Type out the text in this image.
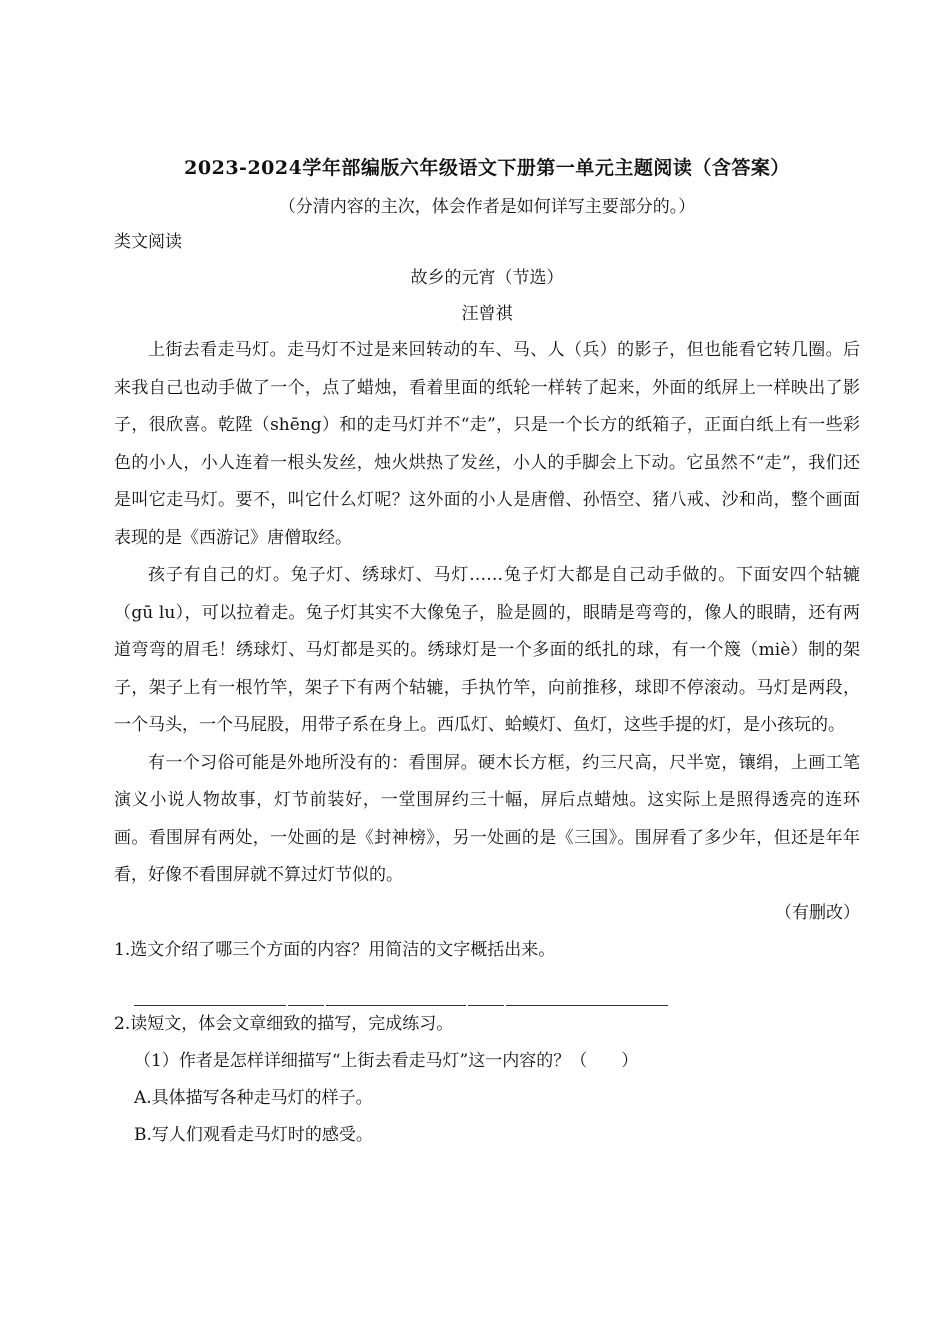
2023-2024学年部编版六年级语文下册第一单元主题阅读（含答案）

（分清内容的主次，体会作者是如何详写主要部分的。）

类文阅读

故乡的元宵（节选）

汪曾祺

上街去看走马灯。走马灯不过是来回转动的车、马、人（兵）的影子，但也能看它转几圈。后来我自己也动手做了一个，点了蜡烛，看着里面的纸轮一样转了起来，外面的纸屏上一样映出了影子，很欣喜。乾陞（shēng）和的走马灯并不“走”，只是一个长方的纸箱子，正面白纸上有一些彩色的小人，小人连着一根头发丝，烛火烘热了发丝，小人的手脚会上下动。它虽然不“走”，我们还是叫它走马灯。要不，叫它什么灯呢？这外面的小人是唐僧、孙悟空、猪八戒、沙和尚，整个画面表现的是《西游记》唐僧取经。

孩子有自己的灯。兔子灯、绣球灯、马灯……兔子灯大都是自己动手做的。下面安四个轱辘（gū lu），可以拉着走。兔子灯其实不大像兔子，脸是圆的，眼睛是弯弯的，像人的眼睛，还有两道弯弯的眉毛！绣球灯、马灯都是买的。绣球灯是一个多面的纸扎的球，有一个篾（miè）制的架子，架子上有一根竹竿，架子下有两个轱辘，手执竹竿，向前推移，球即不停滚动。马灯是两段，一个马头，一个马屁股，用带子系在身上。西瓜灯、蛤蟆灯、鱼灯，这些手提的灯，是小孩玩的。

有一个习俗可能是外地所没有的：看围屏。硬木长方框，约三尺高，尺半宽，镶绢，上画工笔演义小说人物故事，灯节前装好，一堂围屏约三十幅，屏后点蜡烛。这实际上是照得透亮的连环画。看围屏有两处，一处画的是《封神榜》，另一处画的是《三国》。围屏看了多少年，但还是年年看，好像不看围屏就不算过灯节似的。

（有删改）

1.选文介绍了哪三个方面的内容？用简洁的文字概括出来。

2.读短文，体会文章细致的描写，完成练习。

（1）作者是怎样详细描写“上街去看走马灯”这一内容的？（　　）

A.具体描写各种走马灯的样子。

B.写人们观看走马灯时的感受。
